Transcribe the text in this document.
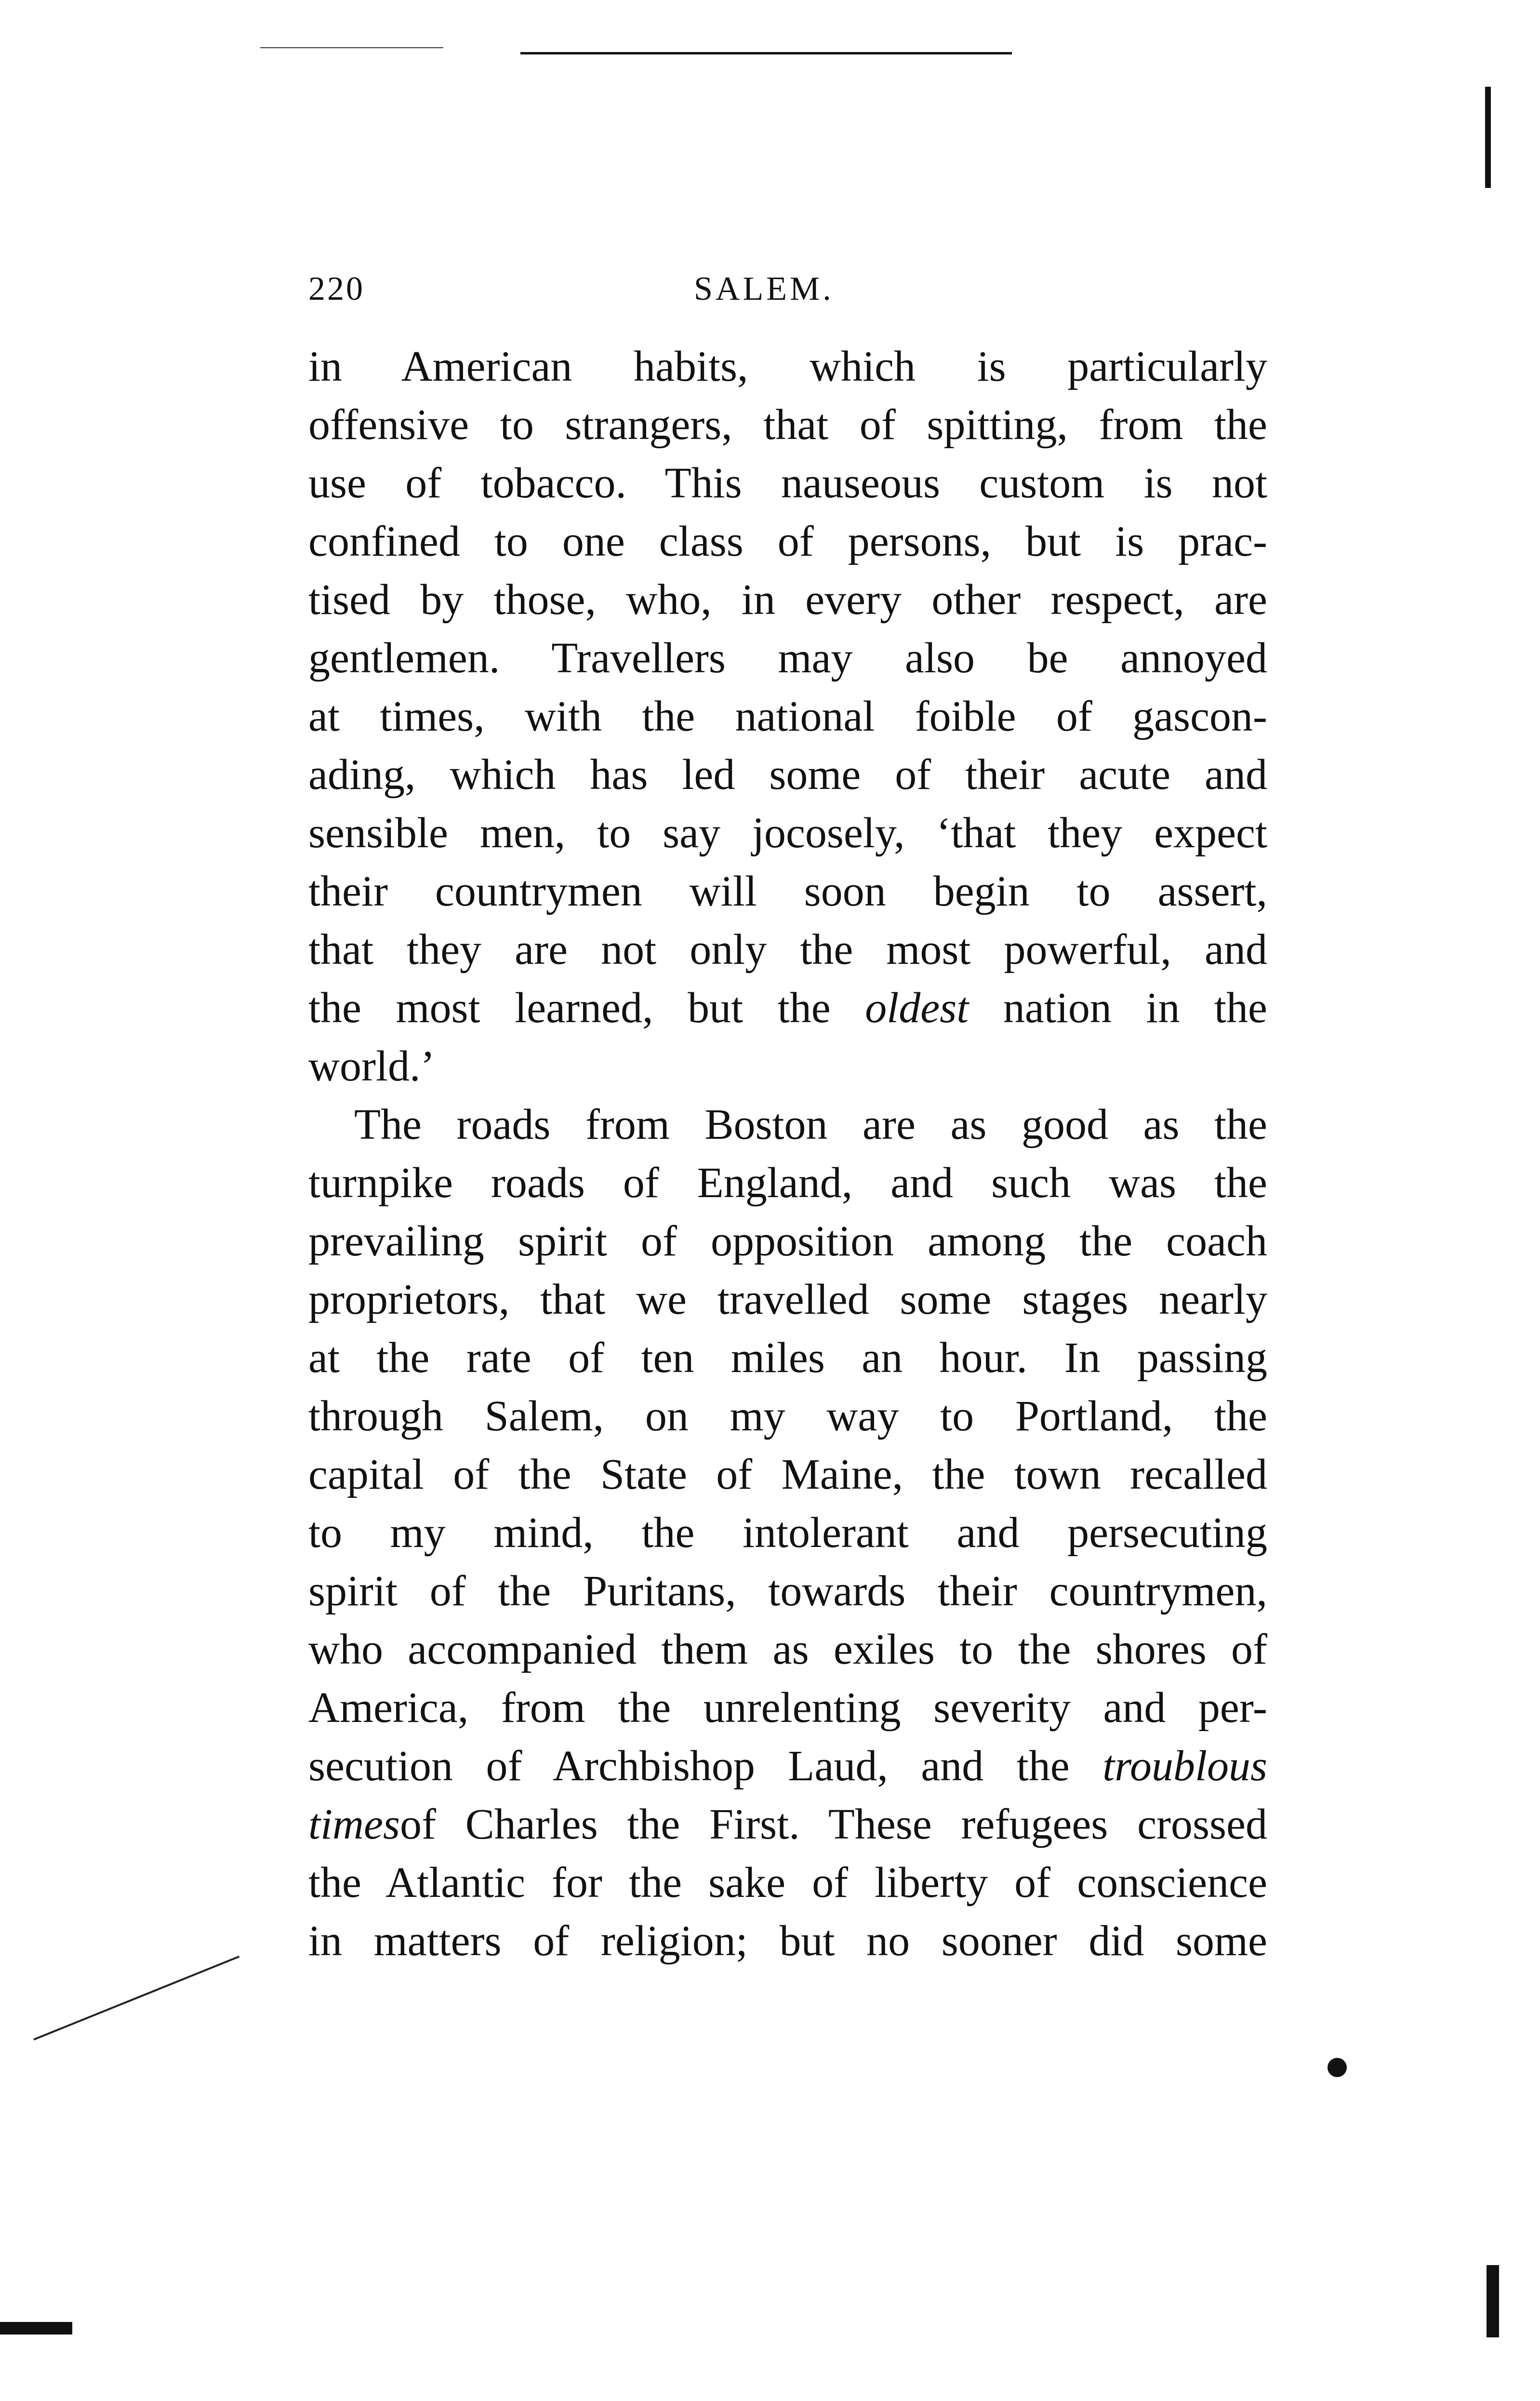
220	SALEM.
in American habits, which is particularly
offensive to strangers, that of spitting, from the
use of tobacco. This nauseous custom is not
confined to one class of persons, but is prac-
tised by those, who, in every other respect, are
gentlemen. Travellers may also be annoyed
at times, with the national foible of gascon-
ading, which has led some of their acute and
sensible men, to say jocosely, ‘that they expect
their countrymen will soon begin to assert,
that they are not only the most powerful, and
the most learned, but the oldest nation in the
world.’
The roads from Boston are as good as the
turnpike roads of England, and such was the
prevailing spirit of opposition among the coach
proprietors, that we travelled some stages nearly
at the rate of ten miles an hour. In passing
through Salem, on my way to Portland, the
capital of the State of Maine, the town recalled
to my mind, the intolerant and persecuting
spirit of the Puritans, towards their countrymen,
who accompanied them as exiles to the shores of
America, from the unrelenting severity and per-
secution of Archbishop Laud, and the troublous
timesof Charles the First. These refugees crossed
the Atlantic for the sake of liberty of conscience
in matters of religion; but no sooner did some
